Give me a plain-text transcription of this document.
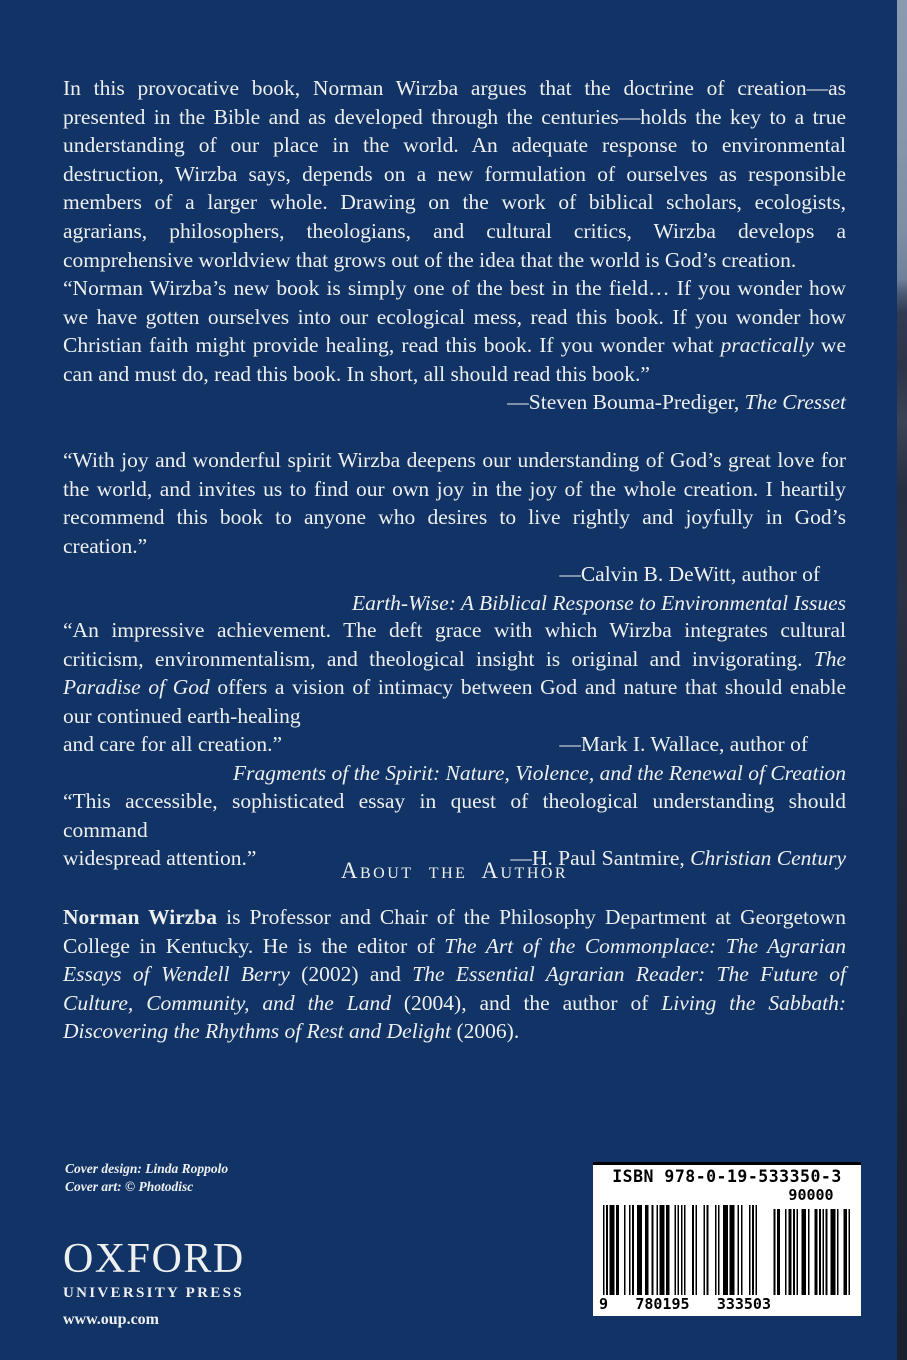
In this provocative book, Norman Wirzba argues that the doctrine of creation—as presented in the Bible and as developed through the centuries—holds the key to a true understanding of our place in the world. An adequate response to environmental destruction, Wirzba says, depends on a new formulation of ourselves as responsible members of a larger whole. Drawing on the work of biblical scholars, ecologists, agrarians, philosophers, theologians, and cultural critics, Wirzba develops a comprehensive worldview that grows out of the idea that the world is God’s creation.

“Norman Wirzba’s new book is simply one of the best in the field… If you wonder how we have gotten ourselves into our ecological mess, read this book. If you wonder how Christian faith might provide healing, read this book. If you wonder what practically we can and must do, read this book. In short, all should read this book.”

—Steven Bouma-Prediger, The Cresset

“With joy and wonderful spirit Wirzba deepens our understanding of God’s great love for the world, and invites us to find our own joy in the joy of the whole creation. I heartily recommend this book to anyone who desires to live rightly and joyfully in God’s creation.”

—Calvin B. DeWitt, author of

Earth-Wise: A Biblical Response to Environmental Issues

“An impressive achievement. The deft grace with which Wirzba integrates cultural criticism, environmentalism, and theological insight is original and invigorating. The Paradise of God offers a vision of intimacy between God and nature that should enable our continued earth-healing

and care for all creation.”	—Mark I. Wallace, author of

Fragments of the Spirit: Nature, Violence, and the Renewal of Creation

“This accessible, sophisticated essay in quest of theological understanding should command

widespread attention.”	—H. Paul Santmire, Christian Century
About the Author

Norman Wirzba is Professor and Chair of the Philosophy Department at Georgetown College in Kentucky. He is the editor of The Art of the Commonplace: The Agrarian Essays of Wendell Berry (2002) and The Essential Agrarian Reader: The Future of Culture, Community, and the Land (2004), and the author of Living the Sabbath: Discovering the Rhythms of Rest and Delight (2006).

Cover design: Linda Roppolo
Cover art: © Photodisc
OXFORD
UNIVERSITY PRESS
www.oup.com
ISBN 978-0-19-533350-3
90000
9 780195 333503
